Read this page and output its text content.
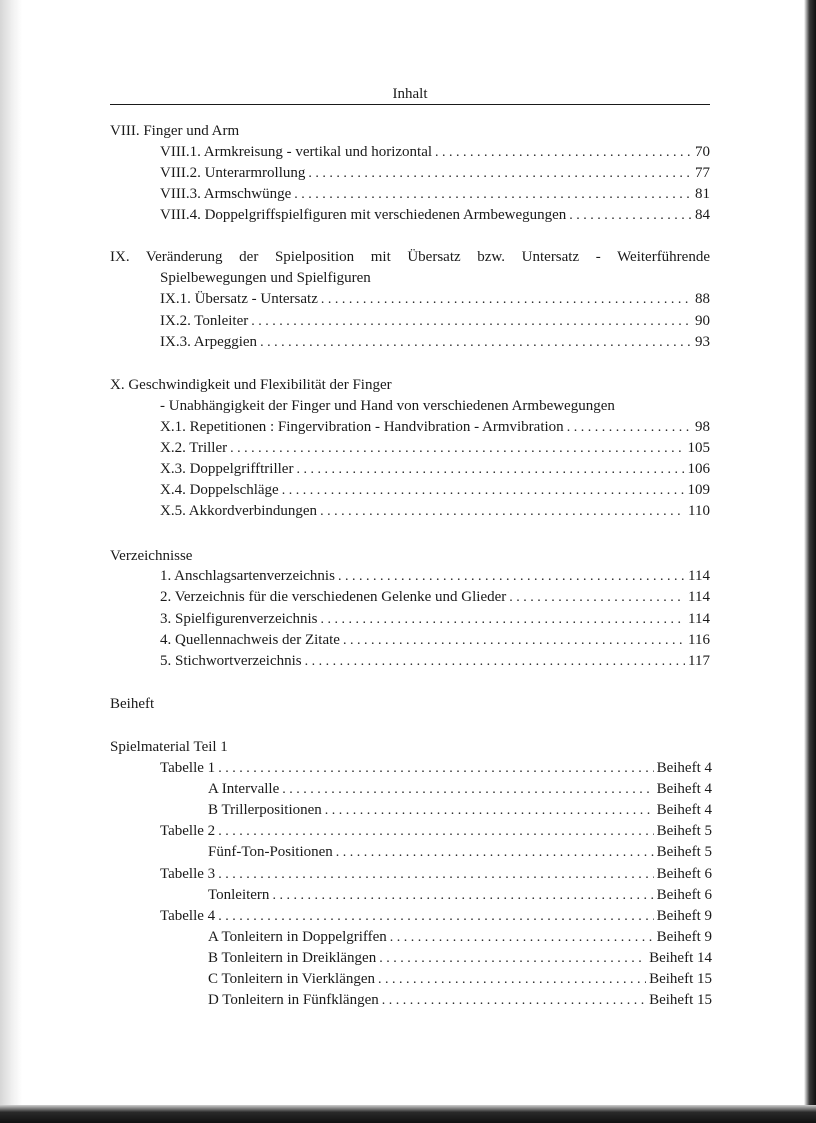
Inhalt
VIII. Finger und Arm
VIII.1. Armkreisung - vertikal und horizontal . . .	70
VIII.2. Unterarmrollung . . .	77
VIII.3. Armschwünge . . .	81
VIII.4. Doppelgriffspielfiguren mit verschiedenen Armbewegungen . . .	84
IX. Veränderung der Spielposition mit Übersatz bzw. Untersatz - Weiterführende
Spielbewegungen und Spielfiguren
IX.1. Übersatz - Untersatz . . .	88
IX.2. Tonleiter . . .	90
IX.3. Arpeggien . . .	93
X. Geschwindigkeit und Flexibilität der Finger
- Unabhängigkeit der Finger und Hand von verschiedenen Armbewegungen
X.1. Repetitionen : Fingervibration - Handvibration - Armvibration . . .	98
X.2. Triller . . .	105
X.3. Doppelgrifftriller . . .	106
X.4. Doppelschläge . . .	109
X.5. Akkordverbindungen . . .	110
Verzeichnisse
1. Anschlagsartenverzeichnis . . .	114
2. Verzeichnis für die verschiedenen Gelenke und Glieder . . .	114
3. Spielfigurenverzeichnis . . .	114
4. Quellennachweis der Zitate . . .	116
5. Stichwortverzeichnis . . .	117
Beiheft
Spielmaterial Teil 1
Tabelle 1 . . .	Beiheft 4
A Intervalle . . .	Beiheft 4
B Trillerpositionen . . .	Beiheft 4
Tabelle 2 . . .	Beiheft 5
Fünf-Ton-Positionen . . .	Beiheft 5
Tabelle 3 . . .	Beiheft 6
Tonleitern . . .	Beiheft 6
Tabelle 4 . . .	Beiheft 9
A Tonleitern in Doppelgriffen . . .	Beiheft 9
B Tonleitern in Dreiklängen . . .	Beiheft 14
C Tonleitern in Vierklängen . . .	Beiheft 15
D Tonleitern in Fünfklängen . . .	Beiheft 15
